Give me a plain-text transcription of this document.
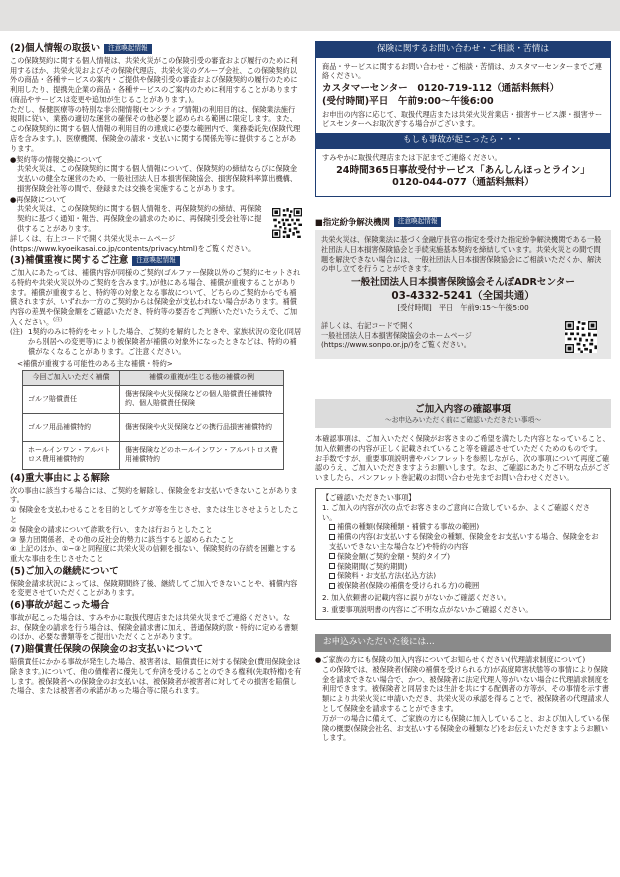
(2)個人情報の取扱い 注意喚起情報

この保険契約に関する個人情報は、共栄火災がこの保険引受の審査および履行のために利用するほか、共栄火災およびその保険代理店、共栄火災のグループ会社、この保険契約以外の商品・各種サービスの案内・ご提供や保険引受の審査および保険契約の履行のために利用したり、提携先企業の商品・各種サービスのご案内のために利用することがあります(商品やサービスは変更や追加が生じることがあります。)。

ただし、保健医療等の特別な非公開情報(センシティブ情報)の利用目的は、保険業法施行規則に従い、業務の適切な運営の確保その他必要と認められる範囲に限定します。また、この保険契約に関する個人情報の利用目的の達成に必要な範囲内で、業務委託先(保険代理店を含みます。)、医療機関、保険金の請求・支払いに関する関係先等に提供することがあります。

●契約等の情報交換について

共栄火災は、この保険契約に関する個人情報について、保険契約の締結ならびに保険金支払いの健全な運営のため、一般社団法人日本損害保険協会、損害保険料率算出機構、損害保険会社等の間で、登録または交換を実施することがあります。

●再保険について

共栄火災は、この保険契約に関する個人情報を、再保険契約の締結、再保険契約に基づく通知・報告、再保険金の請求のために、再保険引受会社等に提供することがあります。

詳しくは、右上コードで開く共栄火災ホームページ

(https://www.kyoeikasai.co.jp/contents/privacy.html)をご覧ください。

(3)補償重複に関するご注意 注意喚起情報

ご加入にあたっては、補償内容が同様のご契約(ゴルファー保険以外のご契約にセットされる特約や共栄火災以外のご契約を含みます。)が他にある場合、補償が重複することがあります。補償が重複すると、特約等の対象となる事故について、どちらのご契約からでも補償されますが、いずれか一方のご契約からは保険金が支払われない場合があります。補償内容の差異や保険金額をご確認いただき、特約等の要否をご判断いただいたうえで、ご加入ください。$^{(注)}$

(注) 1契約のみに特約をセットした場合、ご契約を解約したときや、家族状況の変化(同居から別居への変更等)により被保険者が補償の対象外になったときなどは、特約の補償がなくなることがあります。ご注意ください。

<補償が重複する可能性のある主な補償・特約>

今回ご加入いただく補償	補償の重複が生じる他の補償の例
ゴルフ賠償責任	傷害保険や火災保険などの個人賠償責任補償特約、個人賠償責任保険
ゴルフ用品補償特約	傷害保険や火災保険などの携行品損害補償特約
ホールインワン・アルバトロス費用補償特約	傷害保険などのホールインワン・アルバトロス費用補償特約
(4)重大事由による解除

次の事由に該当する場合には、ご契約を解除し、保険金をお支払いできないことがあります。

① 保険金を支払わせることを目的としてケガ等を生じさせ、または生じさせようとしたこと

② 保険金の請求について詐欺を行い、または行おうとしたこと

③ 暴力団関係者、その他の反社会的勢力に該当すると認められたこと

④ 上記のほか、①~③と同程度に共栄火災の信頼を損ない、保険契約の存続を困難とする重大な事由を生じさせたこと

(5)ご加入の継続について

保険金請求状況によっては、保険期間終了後、継続してご加入できないことや、補償内容を変更させていただくことがあります。

(6)事故が起こった場合

事故が起こった場合は、すみやかに取扱代理店または共栄火災までご連絡ください。なお、保険金の請求を行う場合は、保険金請求書に加え、普通保険約款・特約に定める書類のほか、必要な書類等をご提出いただくことがあります。

(7)賠償責任保険の保険金のお支払いについて

賠償責任にかかる事故が発生した場合、被害者は、賠償責任に対する保険金(費用保険金は除きます。)について、他の債権者に優先して弁済を受けることのできる権利(先取特権)を有します。被保険者への保険金のお支払いは、被保険者が被害者に対してその損害を賠償した場合、または被害者の承諾があった場合等に限られます。

保険に関するお問い合わせ・ご相談・苦情は

商品・サービスに関するお問い合わせ・ご相談・苦情は、カスタマーセンターまでご連絡ください。

カスタマーセンター　0120-719-112（通話料無料）

(受付時間)平日　午前9:00～午後6:00

お申出の内容に応じて、取扱代理店または共栄火災営業店・損害サービス課・損害サービスセンターへお取次ぎする場合がございます。

もしも事故が起こったら・・・

すみやかに取扱代理店または下記までご連絡ください。

24時間365日事故受付サービス「あんしんほっとライン」

0120-044-077（通話料無料）

■指定紛争解決機関	注意喚起情報

共栄火災は、保険業法に基づく金融庁長官の指定を受けた指定紛争解決機関である一般社団法人日本損害保険協会と手続実施基本契約を締結しています。共栄火災との間で問題を解決できない場合には、一般社団法人日本損害保険協会にご相談いただくか、解決の申し立てを行うことができます。

一般社団法人日本損害保険協会そんぽADRセンター

03-4332-5241（全国共通）

[受付時間]　平日　午前9:15～午後5:00

詳しくは、右記コードで開く

一般社団法人日本損害保険協会のホームページ

(https://www.sonpo.or.jp/)をご覧ください。

ご加入内容の確認事項
～お申込みいただく前にご確認いただきたい事項～

本確認事項は、ご加入いただく保険がお客さまのご希望を満たした内容となっていること、加入依頼書の内容が正しく記載されていること等を確認させていただくためのものです。

お手数ですが、重要事項説明書やパンフレットを参照しながら、次の事項について再度ご確認のうえ、ご加入いただきますようお願いします。なお、ご確認にあたりご不明な点がございましたら、パンフレット巻記載のお問い合わせ先までお問い合わせください。

【ご確認いただきたい事項】

1. ご加入の内容が次の点でお客さまのご意向に合致しているか、よくご確認ください。

補償の種類(保険種類・補償する事故の範囲)

補償の内容(お支払いする保険金の種類、保険金をお支払いする場合、保険金をお支払いできない主な場合など)や特約の内容

保険金額(ご契約金額・契約タイプ)

保険期間(ご契約期間)

保険料・お支払方法(払込方法)

被保険者(保険の補償を受けられる方)の範囲

2. 加入依頼書の記載内容に誤りがないかご確認ください。

3. 重要事項説明書の内容にご不明な点がないかご確認ください。

お申込みいただいた後には…

●ご家族の方にも保険の加入内容についてお知らせください(代理請求制度について)

この保険では、被保険者(保険の補償を受けられる方)が高度障害状態等の事情により保険金を請求できない場合で、かつ、被保険者に法定代理人等がいない場合に代理請求制度を利用できます。被保険者と同居または生計を共にする配偶者の方等が、その事情を示す書類により共栄火災に申請いただき、共栄火災の承認を得ることで、被保険者の代理請求人として保険金を請求することができます。

万が一の場合に備えて、ご家族の方にも保険に加入していること、および加入している保険の概要(保険会社名、お支払いする保険金の種類など)をお伝えいただきますようお願いします。
